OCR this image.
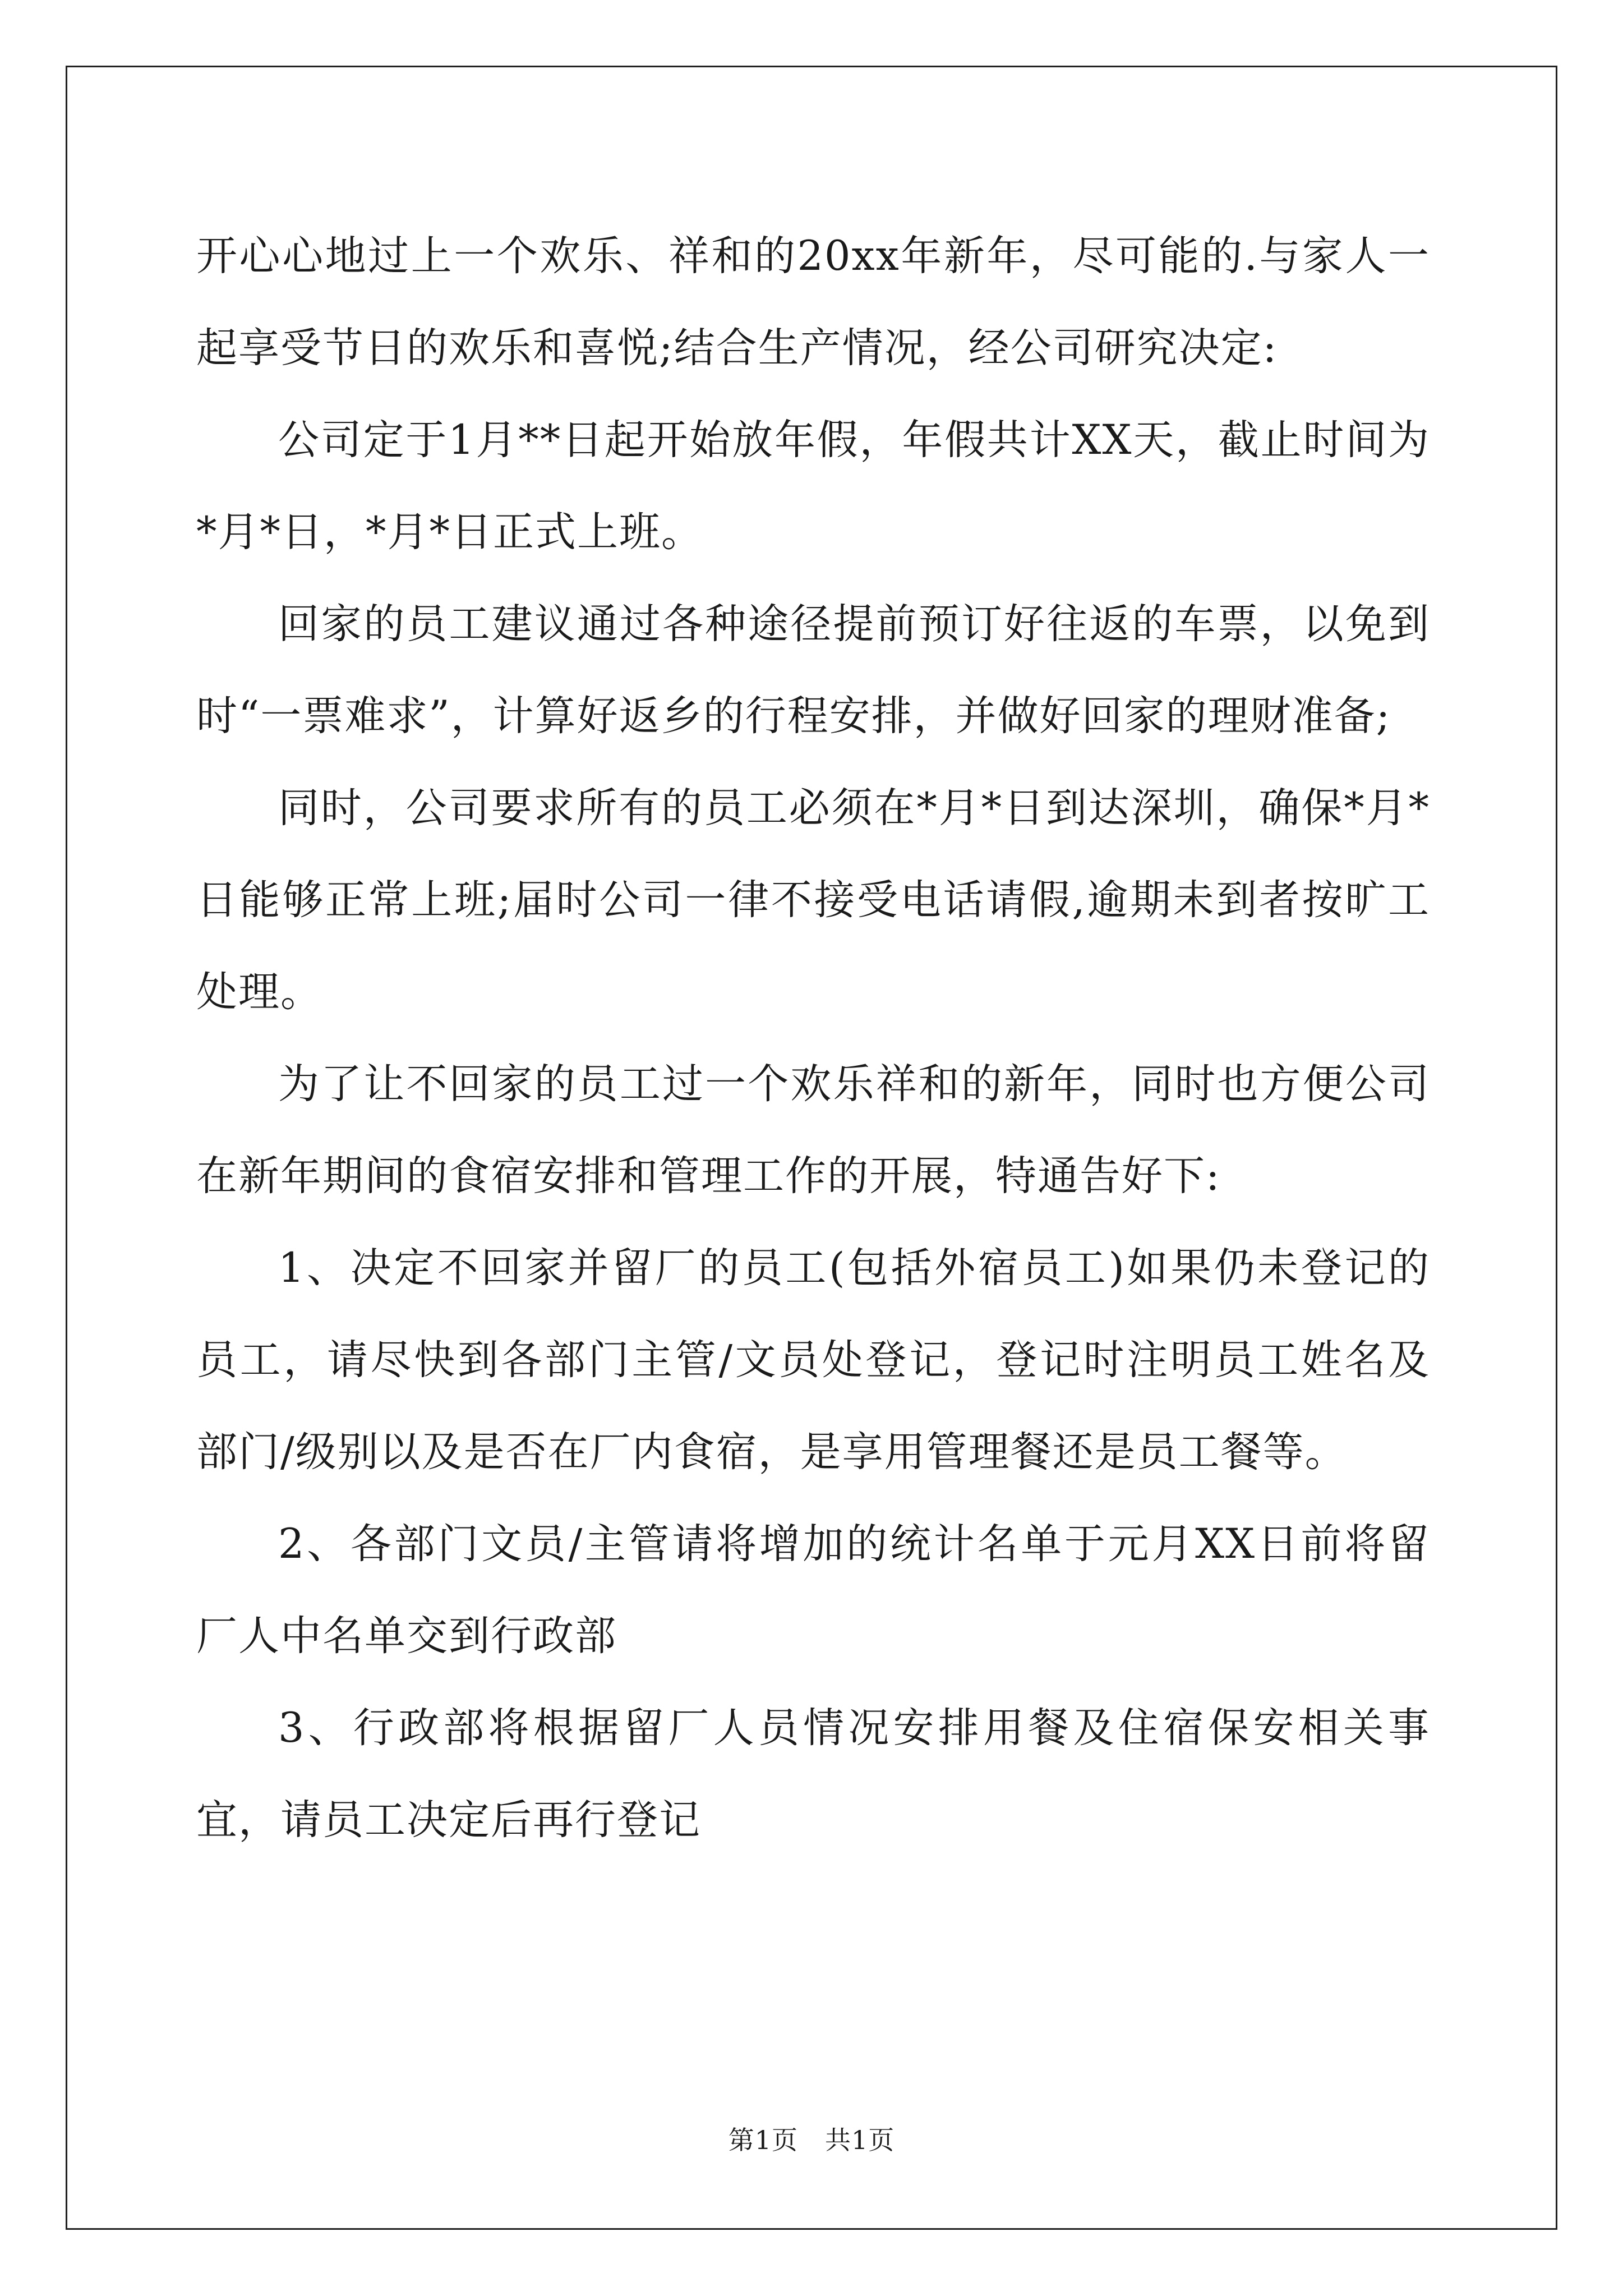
开心心地过上一个欢乐、祥和的20xx年新年，尽可能的.与家人一起享受节日的欢乐和喜悦;结合生产情况，经公司研究决定:

公司定于1月**日起开始放年假，年假共计XX天，截止时间为*月*日，*月*日正式上班。

回家的员工建议通过各种途径提前预订好往返的车票，以免到时“一票难求”，计算好返乡的行程安排，并做好回家的理财准备;

同时，公司要求所有的员工必须在*月*日到达深圳，确保*月*日能够正常上班;届时公司一律不接受电话请假,逾期未到者按旷工处理。

为了让不回家的员工过一个欢乐祥和的新年，同时也方便公司在新年期间的食宿安排和管理工作的开展，特通告好下:

1、决定不回家并留厂的员工(包括外宿员工)如果仍未登记的员工，请尽快到各部门主管/文员处登记，登记时注明员工姓名及部门/级别以及是否在厂内食宿，是享用管理餐还是员工餐等。

2、各部门文员/主管请将增加的统计名单于元月XX日前将留厂人中名单交到行政部

3、行政部将根据留厂人员情况安排用餐及住宿保安相关事宜，请员工决定后再行登记

第1页 共1页
